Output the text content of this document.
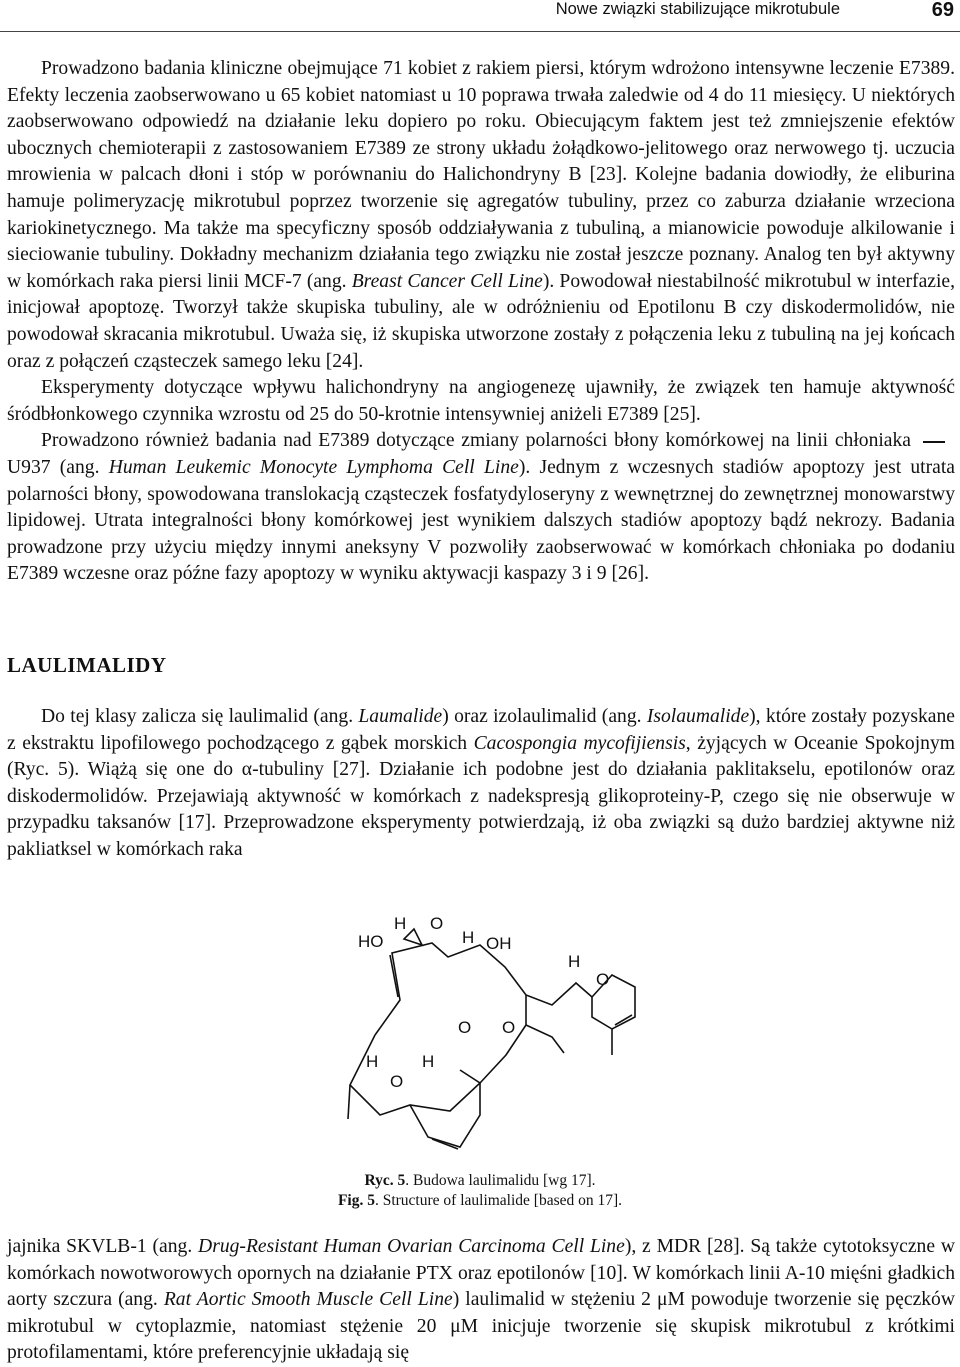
Nowe związki stabilizujące mikrotubule	69

Prowadzono badania kliniczne obejmujące 71 kobiet z rakiem piersi, którym wdrożono intensywne leczenie E7389. Efekty leczenia zaobserwowano u 65 kobiet natomiast u 10 poprawa trwała zaledwie od 4 do 11 miesięcy. U niektórych zaobserwowano odpowiedź na działanie leku dopiero po roku. Obiecującym faktem jest też zmniejszenie efektów ubocznych chemioterapii z zastosowaniem E7389 ze strony układu żołądkowo-jelitowego oraz nerwowego tj. uczucia mrowienia w palcach dłoni i stóp w porównaniu do Halichondryny B [23]. Kolejne badania dowiodły, że eliburina hamuje polimeryzację mikrotubul poprzez tworzenie się agregatów tubuliny, przez co zaburza działanie wrzeciona kariokinetycznego. Ma także ma specyficzny sposób oddziaływania z tubuliną, a mianowicie powoduje alkilowanie i sieciowanie tubuliny. Dokładny mechanizm działania tego związku nie został jeszcze poznany. Analog ten był aktywny w komórkach raka piersi linii MCF-7 (ang. Breast Cancer Cell Line). Powodował niestabilność mikrotubul w interfazie, inicjował apoptozę. Tworzył także skupiska tubuliny, ale w odróżnieniu od Epotilonu B czy diskodermolidów, nie powodował skracania mikrotubul. Uważa się, iż skupiska utworzone zostały z połączenia leku z tubuliną na jej końcach oraz z połączeń cząsteczek samego leku [24].

Eksperymenty dotyczące wpływu halichondryny na angiogenezę ujawniły, że związek ten hamuje aktywność śródbłonkowego czynnika wzrostu od 25 do 50-krotnie intensywniej aniżeli E7389 [25].

Prowadzono również badania nad E7389 dotyczące zmiany polarności błony komórkowej na linii chłoniakaU937 (ang. Human Leukemic Monocyte Lymphoma Cell Line). Jednym z wczesnych stadiów apoptozy jest utrata polarności błony, spowodowana translokacją cząsteczek fosfatydyloseryny z wewnętrznej do zewnętrznej monowarstwy lipidowej. Utrata integralności błony komórkowej jest wynikiem dalszych stadiów apoptozy bądź nekrozy. Badania prowadzone przy użyciu między innymi aneksyny V pozwoliły zaobserwować w komórkach chłoniaka po dodaniu E7389 wczesne oraz późne fazy apoptozy w wyniku aktywacji kaspazy 3 i 9 [26].

LAULIMALIDY

Do tej klasy zalicza się laulimalid (ang. Laumalide) oraz izolaulimalid (ang. Isolaumalide), które zostały pozyskane z ekstraktu lipofilowego pochodzącego z gąbek morskich Cacospongia mycofijiensis, żyjących w Oceanie Spokojnym (Ryc. 5). Wiążą się one do α-tubuliny [27]. Działanie ich podobne jest do działania paklitakselu, epotilonów oraz diskodermolidów. Przejawiają aktywność w komórkach z nadekspresją glikoproteiny-P, czego się nie obserwuje w przypadku taksanów [17]. Przeprowadzone eksperymenty potwierdzają, iż oba związki są dużo bardziej aktywne niż pakliatksel w komórkach raka

H O
HO	H OH
H
O
O O
H	H
O
Ryc. 5. Budowa laulimalidu [wg 17].
Fig. 5. Structure of laulimalide [based on 17].

jajnika SKVLB-1 (ang. Drug-Resistant Human Ovarian Carcinoma Cell Line), z MDR [28]. Są także cytotoksyczne w komórkach nowotworowych opornych na działanie PTX oraz epotilonów [10]. W komórkach linii A-10 mięśni gładkich aorty szczura (ang. Rat Aortic Smooth Muscle Cell Line) laulimalid w stężeniu 2 μM powoduje tworzenie się pęczków mikrotubul w cytoplazmie, natomiast stężenie 20 μM inicjuje tworzenie się skupisk mikrotubul z krótkimi protofilamentami, które preferencyjnie układają się
